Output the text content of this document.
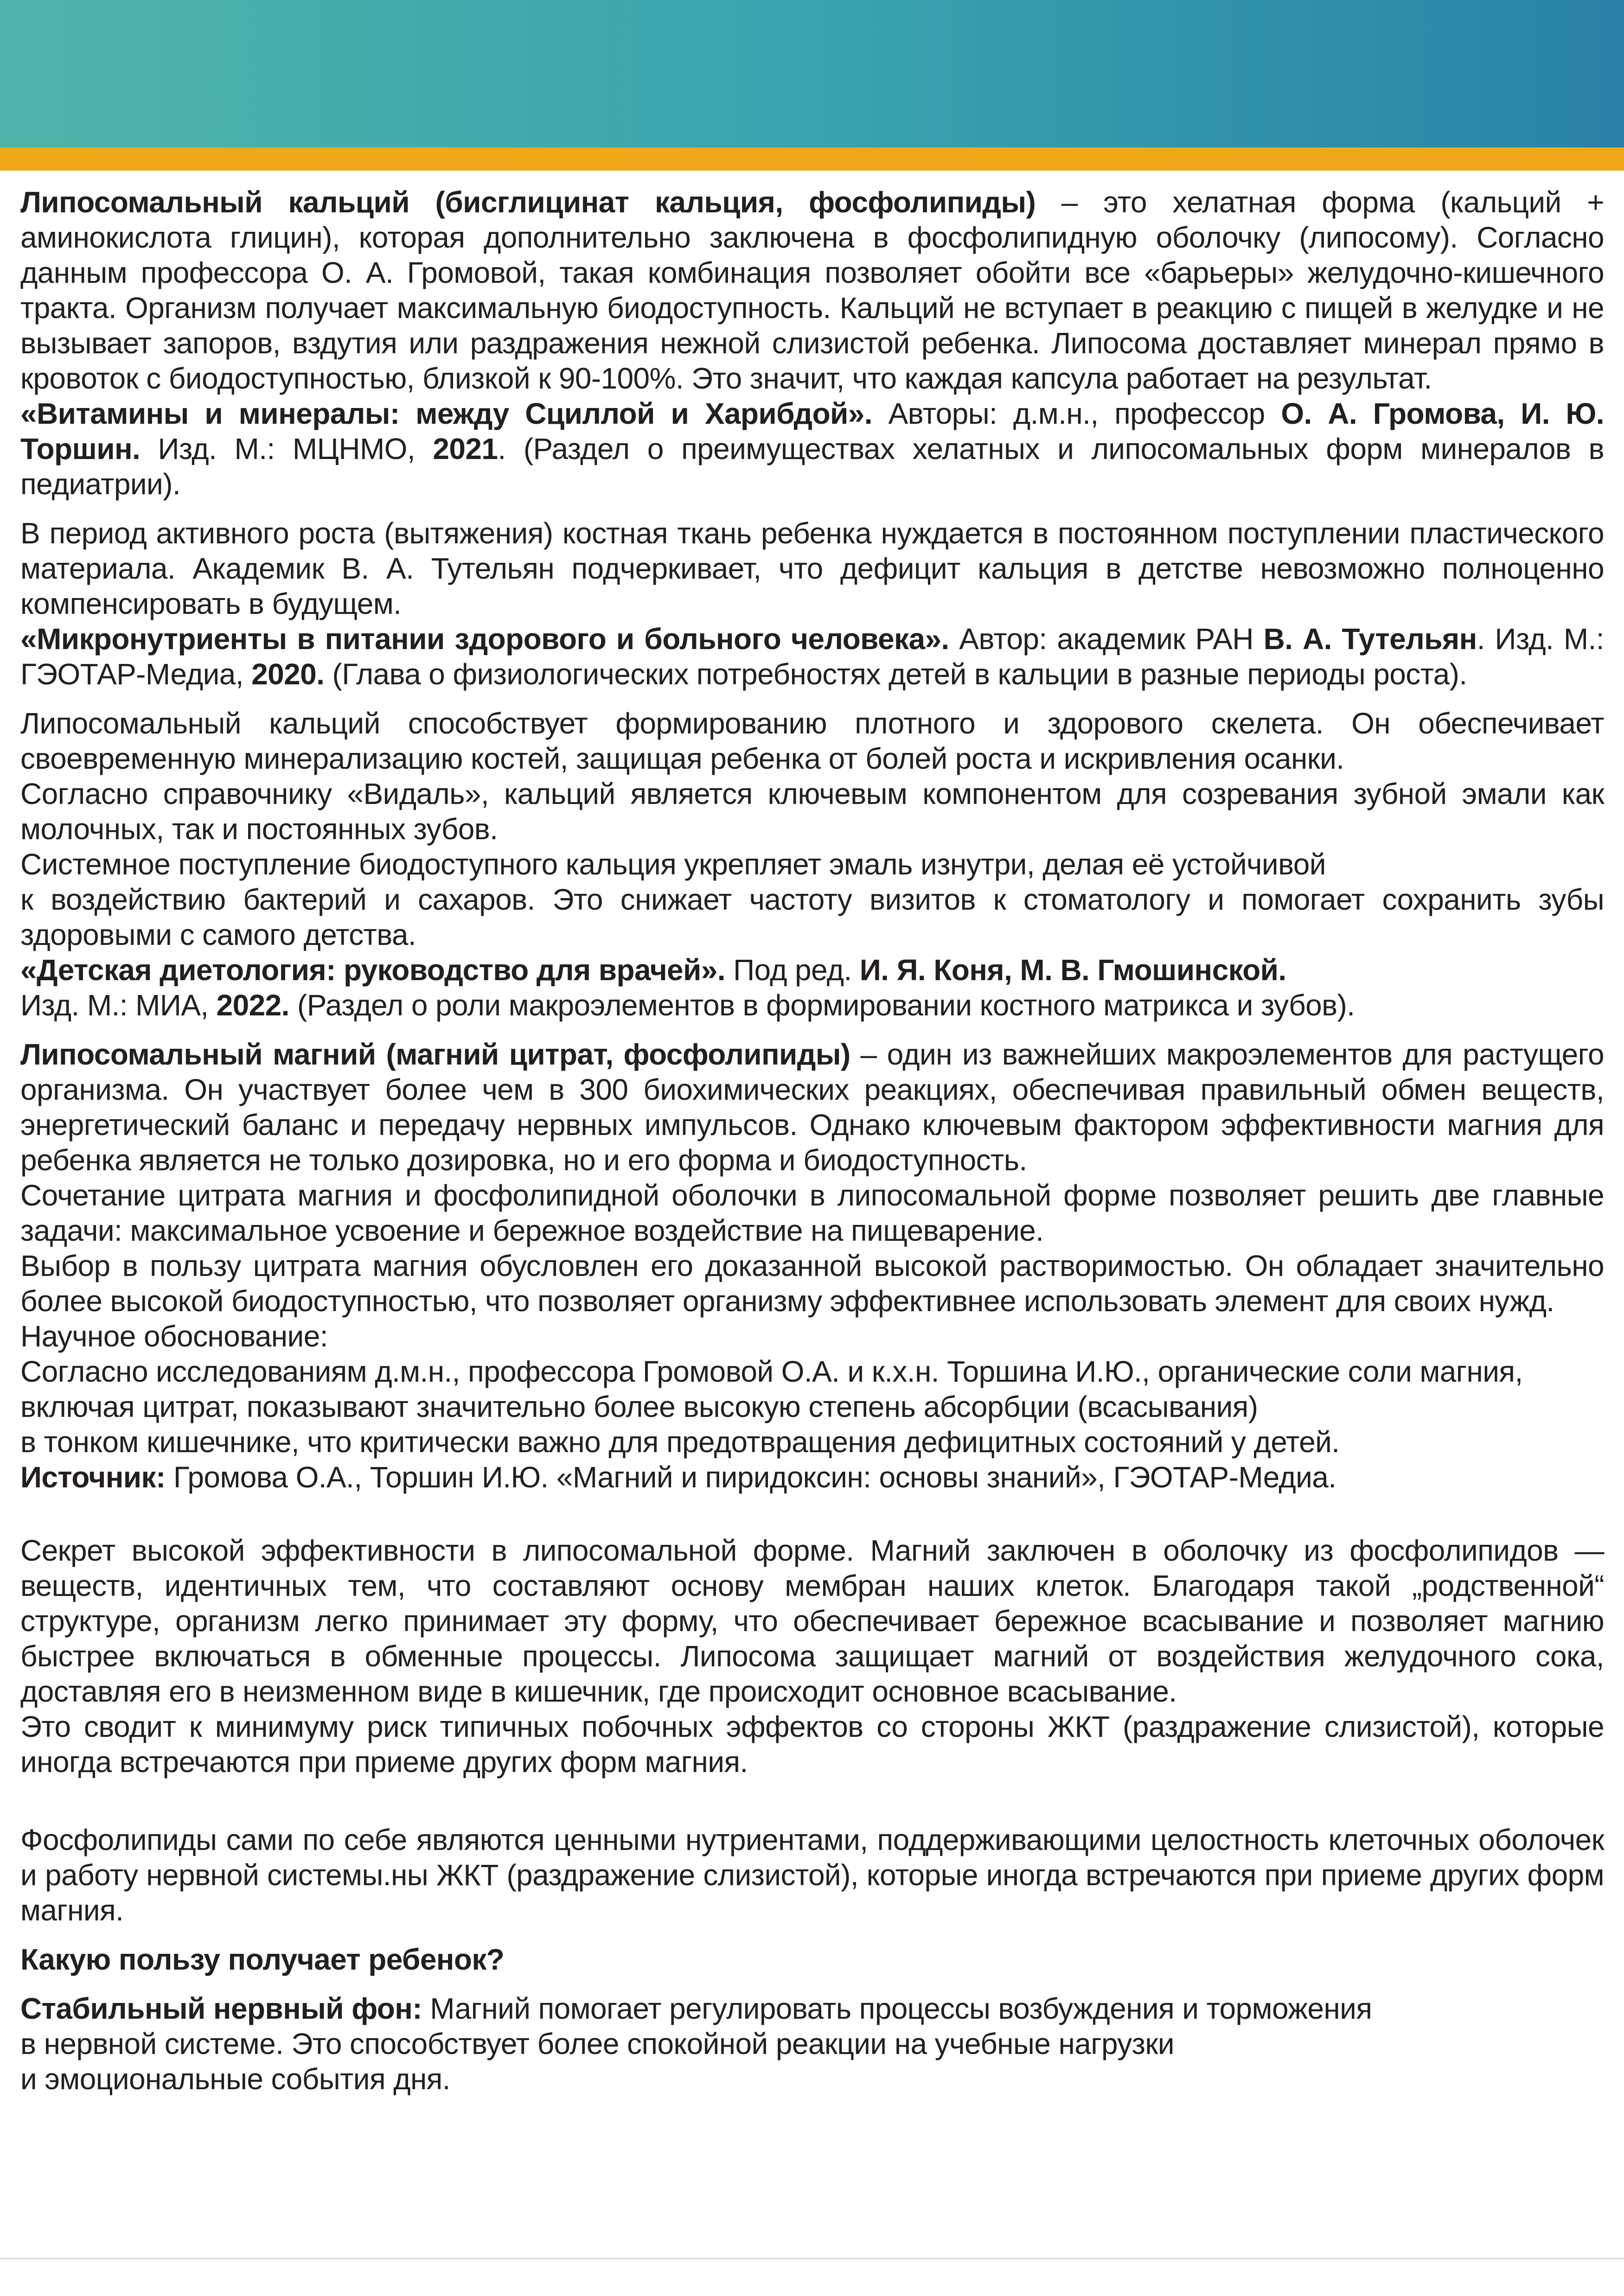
Липосомальный кальций (бисглицинат кальция, фосфолипиды) – это хелатная форма (кальций + аминокислота глицин), которая дополнительно заключена в фосфолипидную оболочку (липосому). Согласно данным профессора О. А. Громовой, такая комбинация позволяет обойти все «барьеры» желудочно-кишечного тракта. Организм получает максимальную биодоступность. Кальций не вступает в реакцию с пищей в желудке и не вызывает запоров, вздутия или раздражения нежной слизистой ребенка. Липосома доставляет минерал прямо в кровоток с биодоступностью, близкой к 90-100%. Это значит, что каждая капсула работает на результат.

«Витамины и минералы: между Сциллой и Харибдой». Авторы: д.м.н., профессор О. А. Громова, И. Ю. Торшин. Изд. М.: МЦНМО, 2021. (Раздел о преимуществах хелатных и липосомальных форм минералов в педиатрии).

В период активного роста (вытяжения) костная ткань ребенка нуждается в постоянном поступлении пластического материала. Академик В. А. Тутельян подчеркивает, что дефицит кальция в детстве невозможно полноценно компенсировать в будущем.

«Микронутриенты в питании здорового и больного человека». Автор: академик РАН В. А. Тутельян. Изд. М.: ГЭОТАР-Медиа, 2020. (Глава о физиологических потребностях детей в кальции в разные периоды роста).

Липосомальный кальций способствует формированию плотного и здорового скелета. Он обеспечивает своевременную минерализацию костей, защищая ребенка от болей роста и искривления осанки.

Согласно справочнику «Видаль», кальций является ключевым компонентом для созревания зубной эмали как молочных, так и постоянных зубов.

Системное поступление биодоступного кальция укрепляет эмаль изнутри, делая её устойчивой

к воздействию бактерий и сахаров. Это снижает частоту визитов к стоматологу и помогает сохранить зубы здоровыми с самого детства.

«Детская диетология: руководство для врачей». Под ред. И. Я. Коня, М. В. Гмошинской.

Изд. М.: МИА, 2022. (Раздел о роли макроэлементов в формировании костного матрикса и зубов).

Липосомальный магний (магний цитрат, фосфолипиды) – один из важнейших макроэлементов для растущего организма. Он участвует более чем в 300 биохимических реакциях, обеспечивая правильный обмен веществ, энергетический баланс и передачу нервных импульсов. Однако ключевым фактором эффективности магния для ребенка является не только дозировка, но и его форма и биодоступность.

Сочетание цитрата магния и фосфолипидной оболочки в липосомальной форме позволяет решить две главные задачи: максимальное усвоение и бережное воздействие на пищеварение.

Выбор в пользу цитрата магния обусловлен его доказанной высокой растворимостью. Он обладает значительно более высокой биодоступностью, что позволяет организму эффективнее использовать элемент для своих нужд.

Научное обоснование:

Согласно исследованиям д.м.н., профессора Громовой О.А. и к.х.н. Торшина И.Ю., органические соли магния, включая цитрат, показывают значительно более высокую степень абсорбции (всасывания)

в тонком кишечнике, что критически важно для предотвращения дефицитных состояний у детей.

Источник: Громова О.А., Торшин И.Ю. «Магний и пиридоксин: основы знаний», ГЭОТАР-Медиа.

Секрет высокой эффективности в липосомальной форме. Магний заключен в оболочку из фосфолипидов — веществ, идентичных тем, что составляют основу мембран наших клеток. Благодаря такой „родственной“ структуре, организм легко принимает эту форму, что обеспечивает бережное всасывание и позволяет магнию быстрее включаться в обменные процессы. Липосома защищает магний от воздействия желудочного сока, доставляя его в неизменном виде в кишечник, где происходит основное всасывание.

Это сводит к минимуму риск типичных побочных эффектов со стороны ЖКТ (раздражение слизистой), которые иногда встречаются при приеме других форм магния.

Фосфолипиды сами по себе являются ценными нутриентами, поддерживающими целостность клеточных оболочек и работу нервной системы.ны ЖКТ (раздражение слизистой), которые иногда встречаются при приеме других форм магния.

Какую пользу получает ребенок?

Стабильный нервный фон: Магний помогает регулировать процессы возбуждения и торможения

в нервной системе. Это способствует более спокойной реакции на учебные нагрузки

и эмоциональные события дня.
